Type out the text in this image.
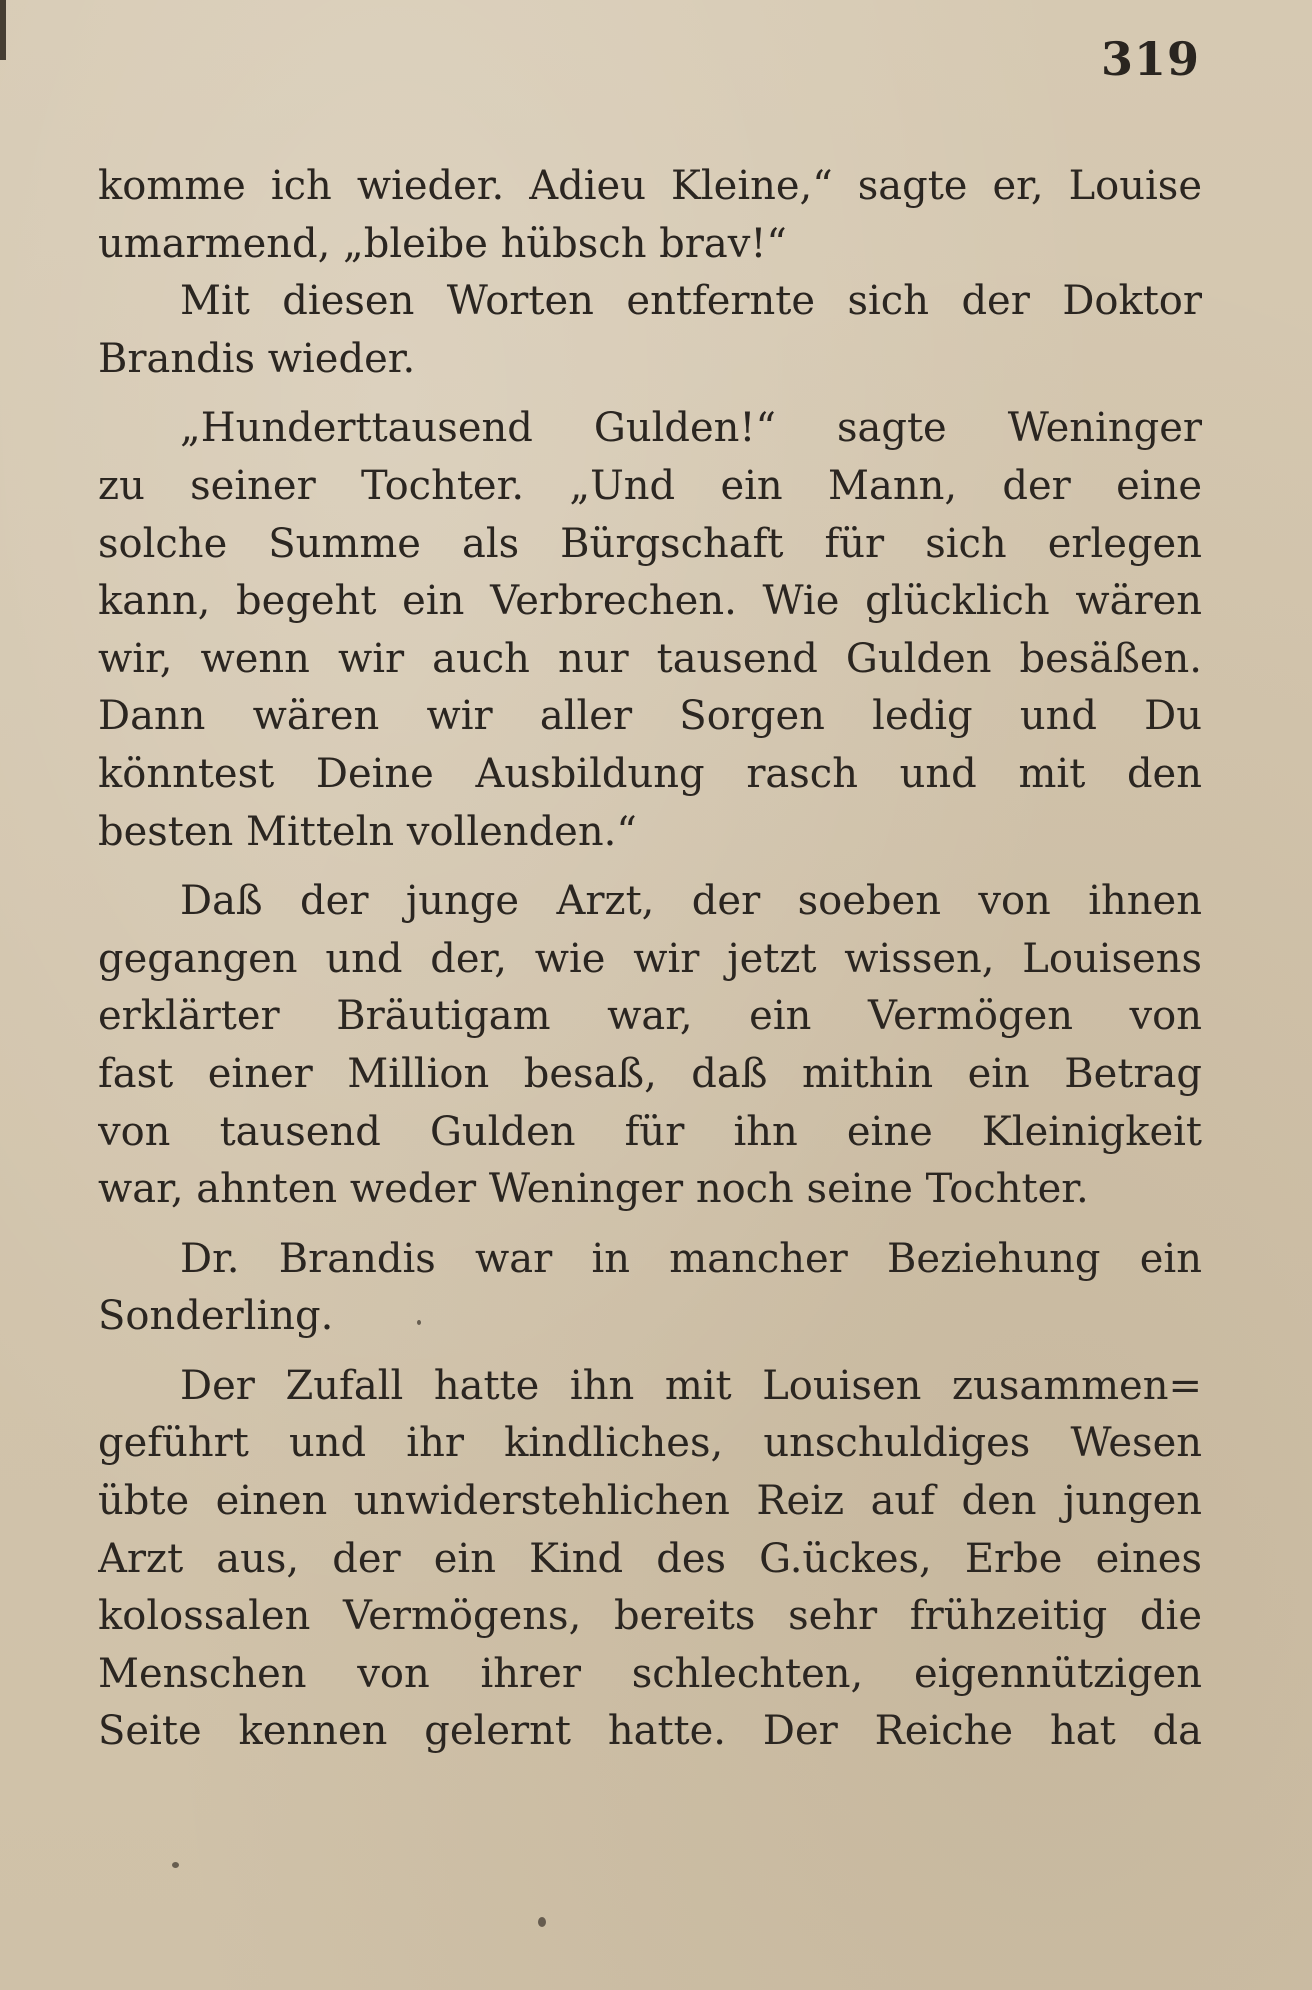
319
komme ich wieder. Adieu Kleine,“ sagte er, Louise
umarmend, „bleibe hübsch brav!“
Mit diesen Worten entfernte sich der Doktor
Brandis wieder.
„Hunderttausend Gulden!“ sagte Weninger
zu seiner Tochter. „Und ein Mann, der eine
solche Summe als Bürgschaft für sich erlegen
kann, begeht ein Verbrechen. Wie glücklich wären
wir, wenn wir auch nur tausend Gulden besäßen.
Dann wären wir aller Sorgen ledig und Du
könntest Deine Ausbildung rasch und mit den
besten Mitteln vollenden.“
Daß der junge Arzt, der soeben von ihnen
gegangen und der, wie wir jetzt wissen, Louisens
erklärter Bräutigam war, ein Vermögen von
fast einer Million besaß, daß mithin ein Betrag
von tausend Gulden für ihn eine Kleinigkeit
war, ahnten weder Weninger noch seine Tochter.
Dr. Brandis war in mancher Beziehung ein
Sonderling.
Der Zufall hatte ihn mit Louisen zusammen=
geführt und ihr kindliches, unschuldiges Wesen
übte einen unwiderstehlichen Reiz auf den jungen
Arzt aus, der ein Kind des G.ückes, Erbe eines
kolossalen Vermögens, bereits sehr frühzeitig die
Menschen von ihrer schlechten, eigennützigen
Seite kennen gelernt hatte. Der Reiche hat da
